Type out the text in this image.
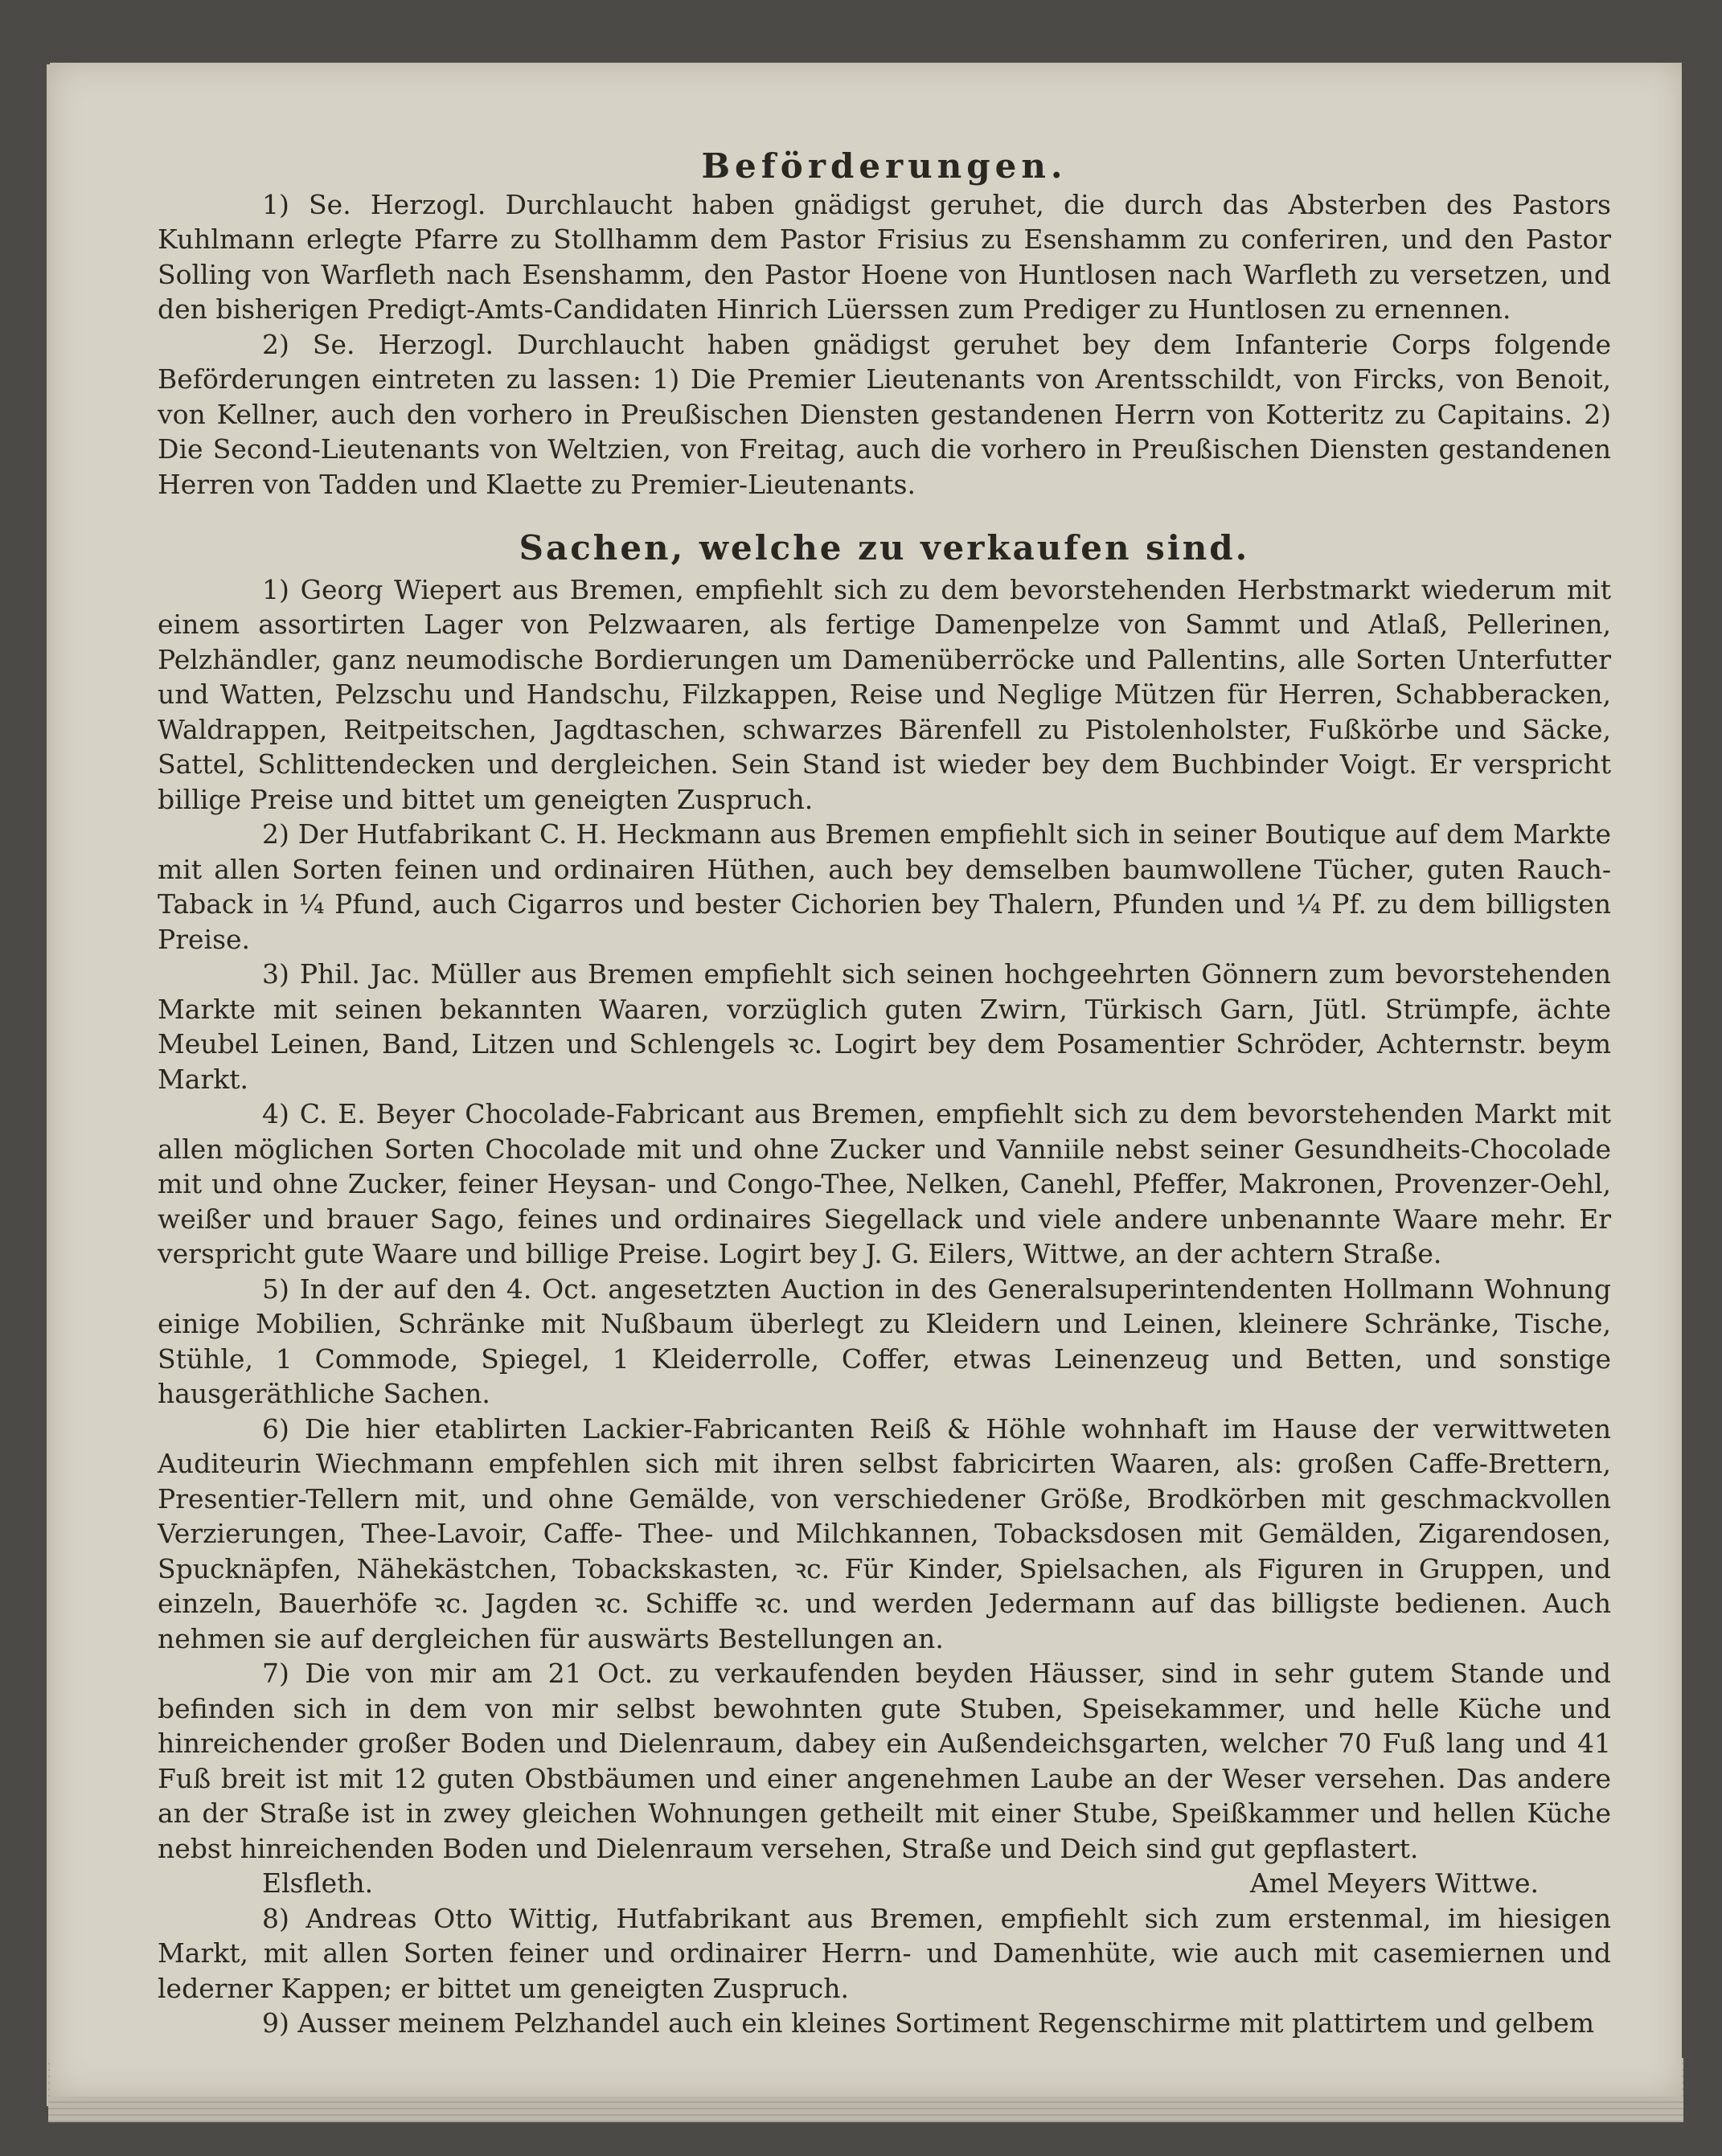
Beförderungen.

1) Se. Herzogl. Durchlaucht haben gnädigst geruhet, die durch das Absterben des Pastors Kuhlmann erlegte Pfarre zu Stollhamm dem Pastor Frisius zu Esenshamm zu conferiren, und den Pastor Solling von Warfleth nach Esenshamm, den Pastor Hoene von Huntlosen nach Warfleth zu versetzen, und den bisherigen Predigt-Amts-Candidaten Hinrich Lüerssen zum Prediger zu Huntlosen zu ernennen.

2) Se. Herzogl. Durchlaucht haben gnädigst geruhet bey dem Infanterie Corps folgende Beförderungen eintreten zu lassen: 1) Die Premier Lieutenants von Arentsschildt, von Fircks, von Benoit, von Kellner, auch den vorhero in Preußischen Diensten gestandenen Herrn von Kotteritz zu Capitains. 2) Die Second-Lieutenants von Weltzien, von Freitag, auch die vorhero in Preußischen Diensten gestandenen Herren von Tadden und Klaette zu Premier-Lieutenants.

Sachen, welche zu verkaufen sind.

1) Georg Wiepert aus Bremen, empfiehlt sich zu dem bevorstehenden Herbstmarkt wiederum mit einem assortirten Lager von Pelzwaaren, als fertige Damenpelze von Sammt und Atlaß, Pellerinen, Pelzhändler, ganz neumodische Bordierungen um Damenüberröcke und Pallentins, alle Sorten Unterfutter und Watten, Pelzschu und Handschu, Filzkappen, Reise und Neglige Mützen für Herren, Schabberacken, Waldrappen, Reitpeitschen, Jagdtaschen, schwarzes Bärenfell zu Pistolenholster, Fußkörbe und Säcke, Sattel, Schlittendecken und dergleichen. Sein Stand ist wieder bey dem Buchbinder Voigt. Er verspricht billige Preise und bittet um geneigten Zuspruch.

2) Der Hutfabrikant C. H. Heckmann aus Bremen empfiehlt sich in seiner Boutique auf dem Markte mit allen Sorten feinen und ordinairen Hüthen, auch bey demselben baumwollene Tücher, guten Rauch-Taback in ¼ Pfund, auch Cigarros und bester Cichorien bey Thalern, Pfunden und ¼ Pf. zu dem billigsten Preise.

3) Phil. Jac. Müller aus Bremen empfiehlt sich seinen hochgeehrten Gönnern zum bevorstehenden Markte mit seinen bekannten Waaren, vorzüglich guten Zwirn, Türkisch Garn, Jütl. Strümpfe, ächte Meubel Leinen, Band, Litzen und Schlengels ꝛc. Logirt bey dem Posamentier Schröder, Achternstr. beym Markt.

4) C. E. Beyer Chocolade-Fabricant aus Bremen, empfiehlt sich zu dem bevorstehenden Markt mit allen möglichen Sorten Chocolade mit und ohne Zucker und Vanniile nebst seiner Gesundheits-Chocolade mit und ohne Zucker, feiner Heysan- und Congo-Thee, Nelken, Canehl, Pfeffer, Makronen, Provenzer-Oehl, weißer und brauer Sago, feines und ordinaires Siegellack und viele andere unbenannte Waare mehr. Er verspricht gute Waare und billige Preise. Logirt bey J. G. Eilers, Wittwe, an der achtern Straße.

5) In der auf den 4. Oct. angesetzten Auction in des Generalsuperintendenten Hollmann Wohnung einige Mobilien, Schränke mit Nußbaum überlegt zu Kleidern und Leinen, kleinere Schränke, Tische, Stühle, 1 Commode, Spiegel, 1 Kleiderrolle, Coffer, etwas Leinenzeug und Betten, und sonstige hausgeräthliche Sachen.

6) Die hier etablirten Lackier-Fabricanten Reiß & Höhle wohnhaft im Hause der verwittweten Auditeurin Wiechmann empfehlen sich mit ihren selbst fabricirten Waaren, als: großen Caffe-Brettern, Presentier-Tellern mit, und ohne Gemälde, von verschiedener Größe, Brodkörben mit geschmackvollen Verzierungen, Thee-Lavoir, Caffe- Thee- und Milchkannen, Tobacksdosen mit Gemälden, Zigarendosen, Spucknäpfen, Nähekästchen, Tobackskasten, ꝛc. Für Kinder, Spielsachen, als Figuren in Gruppen, und einzeln, Bauerhöfe ꝛc. Jagden ꝛc. Schiffe ꝛc. und werden Jedermann auf das billigste bedienen. Auch nehmen sie auf dergleichen für auswärts Bestellungen an.

7) Die von mir am 21 Oct. zu verkaufenden beyden Häusser, sind in sehr gutem Stande und befinden sich in dem von mir selbst bewohnten gute Stuben, Speisekammer, und helle Küche und hinreichender großer Boden und Dielenraum, dabey ein Außendeichsgarten, welcher 70 Fuß lang und 41 Fuß breit ist mit 12 guten Obstbäumen und einer angenehmen Laube an der Weser versehen. Das andere an der Straße ist in zwey gleichen Wohnungen getheilt mit einer Stube, Speißkammer und hellen Küche nebst hinreichenden Boden und Dielenraum versehen, Straße und Deich sind gut gepflastert.

Elsfleth.	Amel Meyers Wittwe.

8) Andreas Otto Wittig, Hutfabrikant aus Bremen, empfiehlt sich zum erstenmal, im hiesigen Markt, mit allen Sorten feiner und ordinairer Herrn- und Damenhüte, wie auch mit casemiernen und lederner Kappen; er bittet um geneigten Zuspruch.

9) Ausser meinem Pelzhandel auch ein kleines Sortiment Regenschirme mit plattirtem und gelbem
